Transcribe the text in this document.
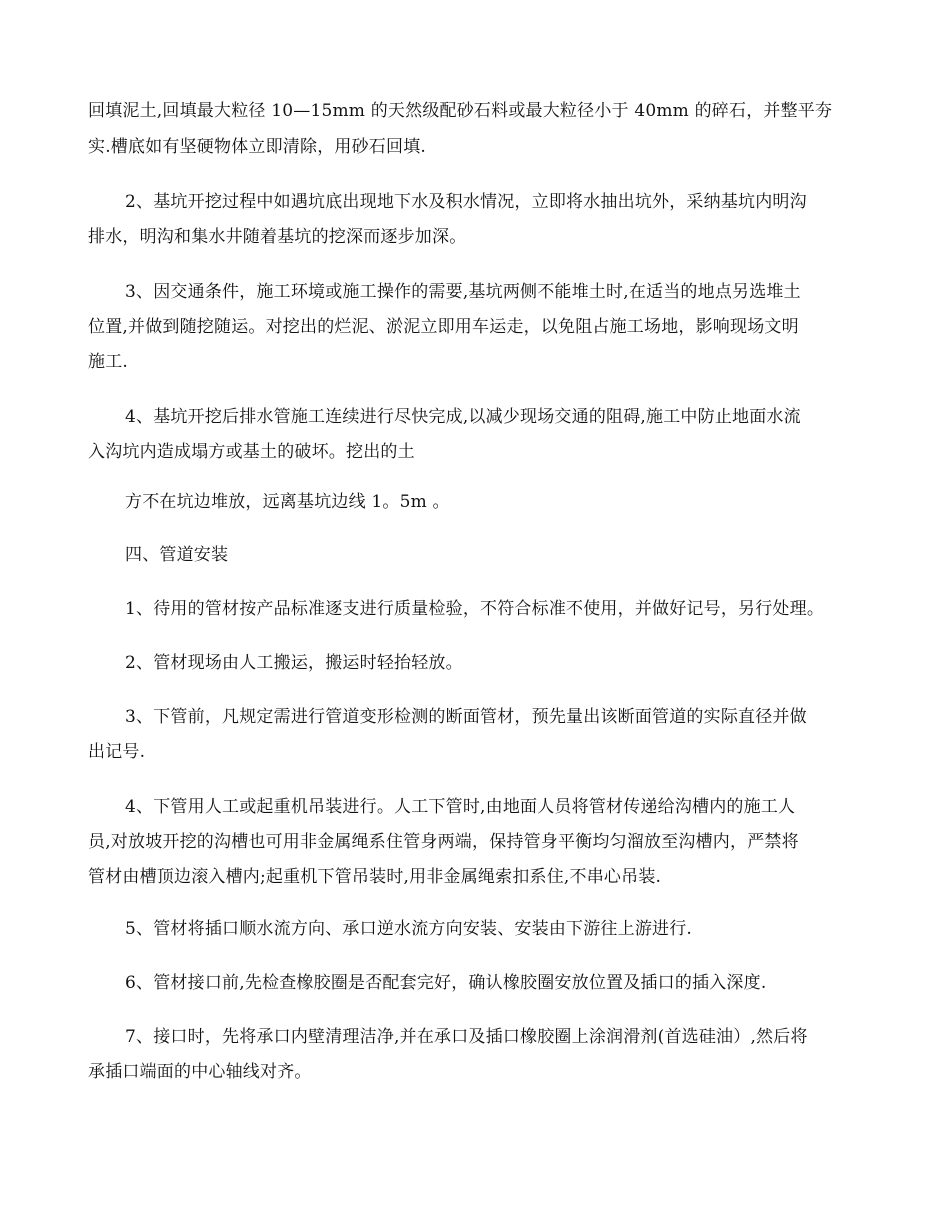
回填泥土,回填最大粒径 10—15mm 的天然级配砂石料或最大粒径小于 40mm 的碎石，并整平夯
实.槽底如有坚硬物体立即清除，用砂石回填.
2、基坑开挖过程中如遇坑底出现地下水及积水情况，立即将水抽出坑外，采纳基坑内明沟
排水，明沟和集水井随着基坑的挖深而逐步加深。
3、因交通条件，施工环境或施工操作的需要,基坑两侧不能堆土时,在适当的地点另选堆土
位置,并做到随挖随运。对挖出的烂泥、淤泥立即用车运走，以免阻占施工场地，影响现场文明
施工.
4、基坑开挖后排水管施工连续进行尽快完成,以减少现场交通的阻碍,施工中防止地面水流
入沟坑内造成塌方或基土的破坏。挖出的土
方不在坑边堆放，远离基坑边线 1。5m 。
四、管道安装
1、待用的管材按产品标准逐支进行质量检验，不符合标准不使用，并做好记号，另行处理。
2、管材现场由人工搬运，搬运时轻抬轻放。
3、下管前，凡规定需进行管道变形检测的断面管材，预先量出该断面管道的实际直径并做
出记号.
4、下管用人工或起重机吊装进行。人工下管时,由地面人员将管材传递给沟槽内的施工人
员,对放坡开挖的沟槽也可用非金属绳系住管身两端，保持管身平衡均匀溜放至沟槽内，严禁将
管材由槽顶边滚入槽内;起重机下管吊装时,用非金属绳索扣系住,不串心吊装.
5、管材将插口顺水流方向、承口逆水流方向安装、安装由下游往上游进行.
6、管材接口前,先检查橡胶圈是否配套完好，确认橡胶圈安放位置及插口的插入深度.
7、接口时，先将承口内壁清理洁净,并在承口及插口橡胶圈上涂润滑剂(首选硅油）,然后将
承插口端面的中心轴线对齐。
